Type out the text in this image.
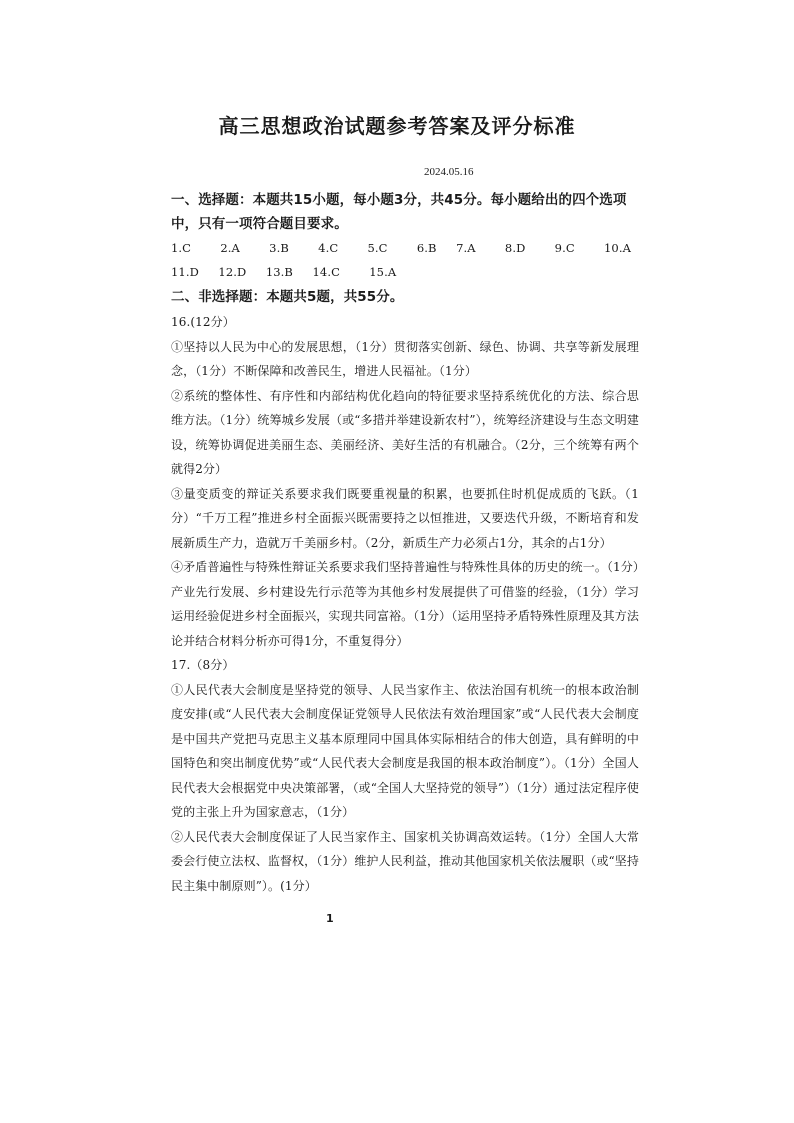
高三思想政治试题参考答案及评分标准
2024.05.16
一、选择题：本题共15小题，每小题3分，共45分。每小题给出的四个选项
中，只有一项符合题目要求。
1.C   2.A   3.B   4.C   5.C   6.B  7.A   8.D   9.C   10.A
11.D  12.D  13.B  14.C   15.A
二、非选择题：本题共5题，共55分。
16.(12分）
①坚持以人民为中心的发展思想，（1分）贯彻落实创新、绿色、协调、共享等新发展理念，（1分）不断保障和改善民生，增进人民福祉。（1分）
②系统的整体性、有序性和内部结构优化趋向的特征要求坚持系统优化的方法、综合思维方法。（1分）统筹城乡发展（或“多措并举建设新农村”），统筹经济建设与生态文明建设，统筹协调促进美丽生态、美丽经济、美好生活的有机融合。（2分，三个统筹有两个就得2分）
③量变质变的辩证关系要求我们既要重视量的积累，也要抓住时机促成质的飞跃。（1分）“千万工程”推进乡村全面振兴既需要持之以恒推进，又要迭代升级，不断培育和发展新质生产力，造就万千美丽乡村。（2分，新质生产力必须占1分，其余的占1分）
④矛盾普遍性与特殊性辩证关系要求我们坚持普遍性与特殊性具体的历史的统一。（1分）产业先行发展、乡村建设先行示范等为其他乡村发展提供了可借鉴的经验，（1分）学习运用经验促进乡村全面振兴，实现共同富裕。（1分）（运用坚持矛盾特殊性原理及其方法论并结合材料分析亦可得1分，不重复得分）
17.（8分）
①人民代表大会制度是坚持党的领导、人民当家作主、依法治国有机统一的根本政治制度安排(或“人民代表大会制度保证党领导人民依法有效治理国家”或“人民代表大会制度是中国共产党把马克思主义基本原理同中国具体实际相结合的伟大创造，具有鲜明的中国特色和突出制度优势”或“人民代表大会制度是我国的根本政治制度”）。（1分）全国人民代表大会根据党中央决策部署，（或“全国人大坚持党的领导”）（1分）通过法定程序使党的主张上升为国家意志，（1分）
②人民代表大会制度保证了人民当家作主、国家机关协调高效运转。（1分）全国人大常委会行使立法权、监督权，（1分）维护人民利益，推动其他国家机关依法履职（或“坚持民主集中制原则”）。(1分）
1
